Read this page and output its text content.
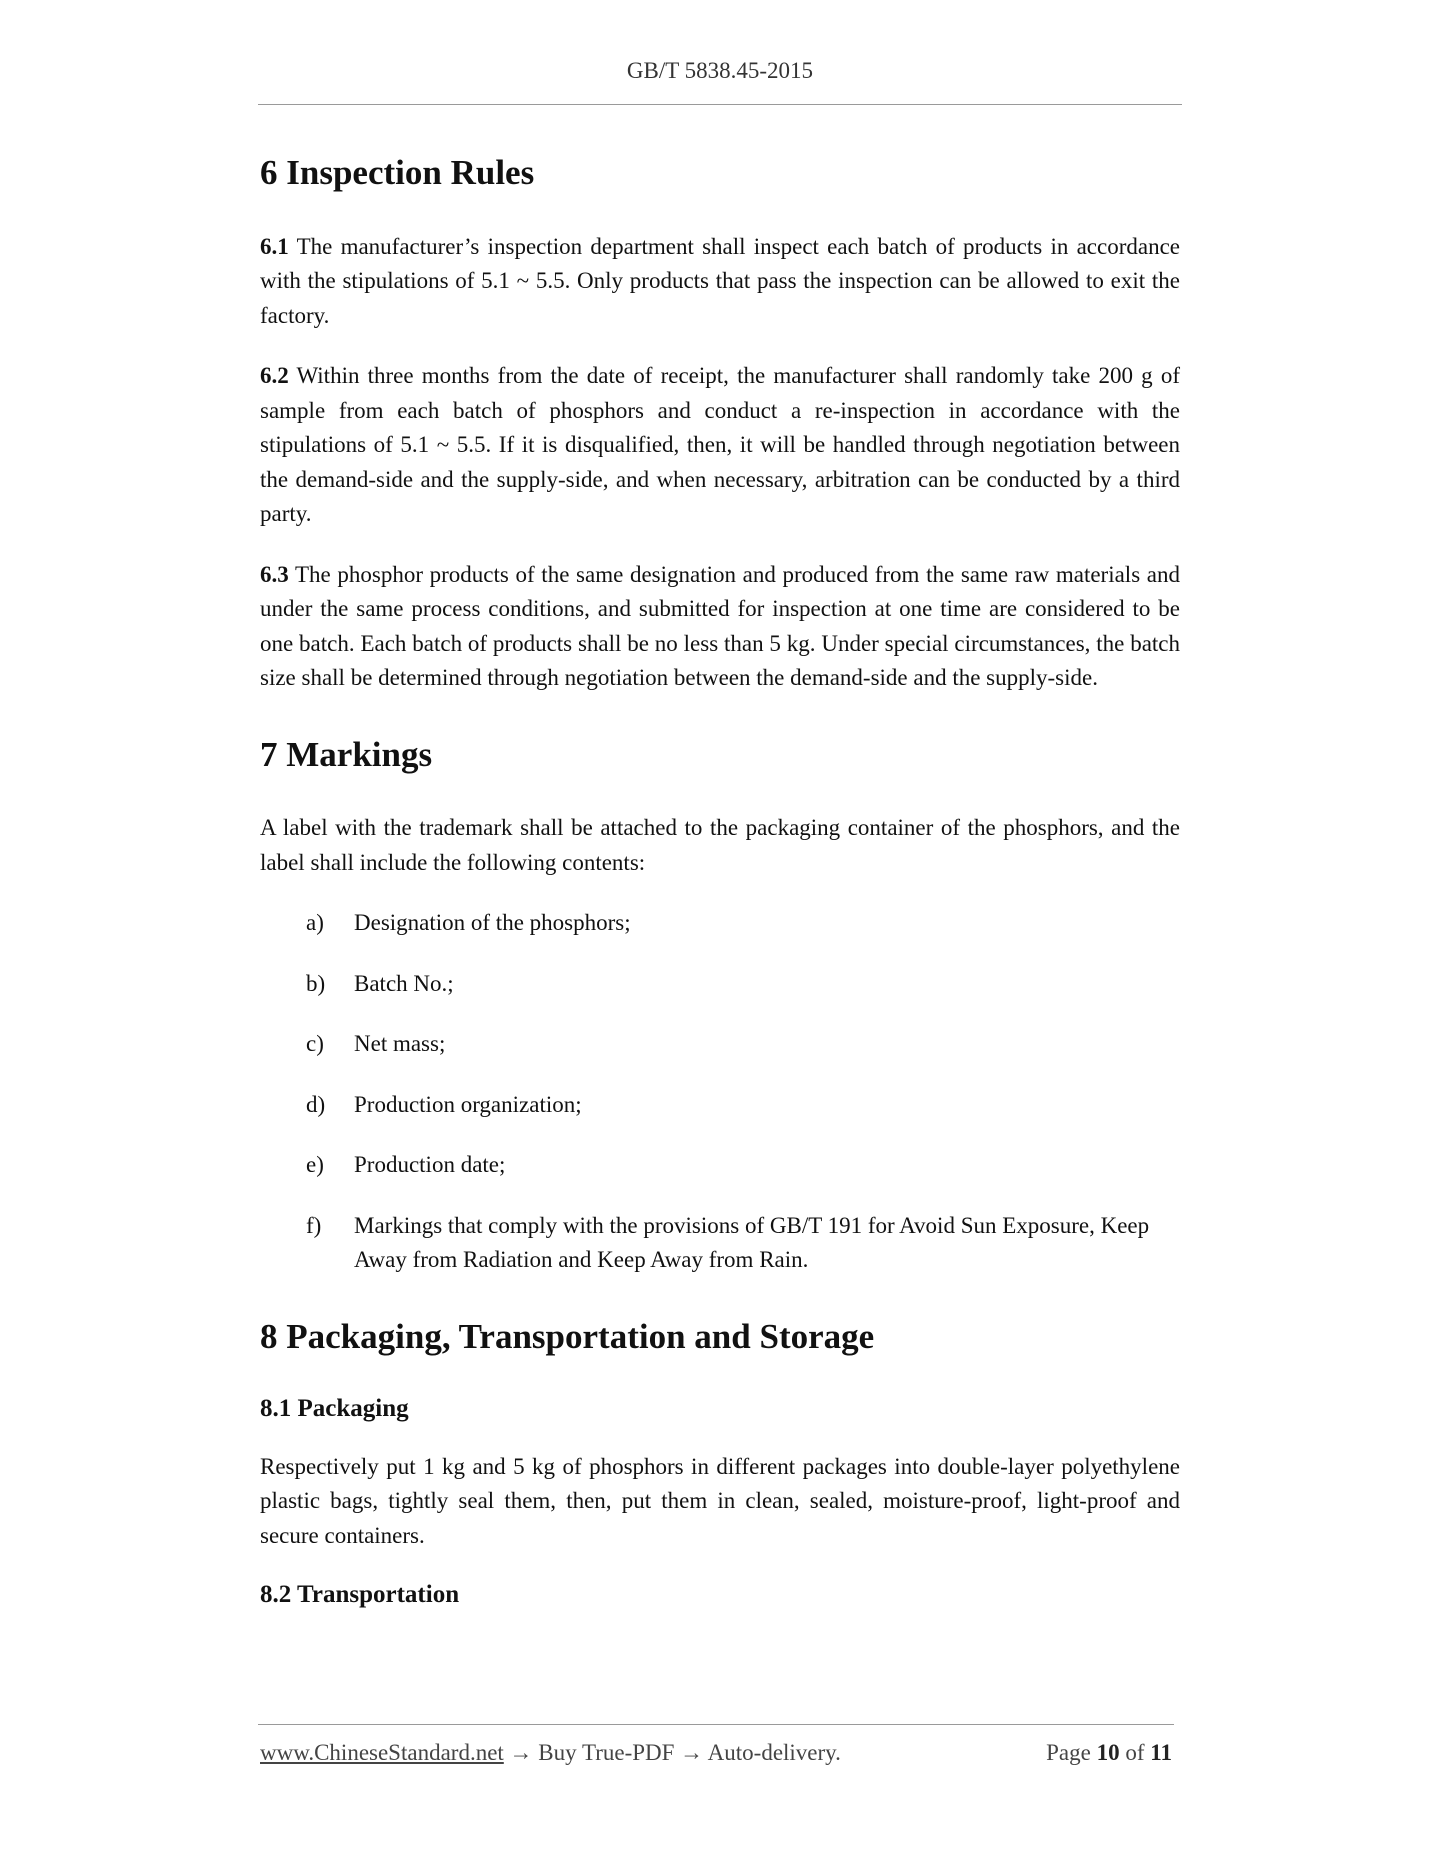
GB/T 5838.45-2015
6 Inspection Rules

6.1 The manufacturer’s inspection department shall inspect each batch of products in accordance with the stipulations of 5.1 ~ 5.5. Only products that pass the inspection can be allowed to exit the factory.

6.2 Within three months from the date of receipt, the manufacturer shall randomly take 200 g of sample from each batch of phosphors and conduct a re-inspection in accordance with the stipulations of 5.1 ~ 5.5. If it is disqualified, then, it will be handled through negotiation between the demand-side and the supply-side, and when necessary, arbitration can be conducted by a third party.

6.3 The phosphor products of the same designation and produced from the same raw materials and under the same process conditions, and submitted for inspection at one time are considered to be one batch. Each batch of products shall be no less than 5 kg. Under special circumstances, the batch size shall be determined through negotiation between the demand-side and the supply-side.

7 Markings

A label with the trademark shall be attached to the packaging container of the phosphors, and the label shall include the following contents:

a)	Designation of the phosphors;
b)	Batch No.;
c)	Net mass;
d)	Production organization;
e)	Production date;
f)	Markings that comply with the provisions of GB/T 191 for Avoid Sun Exposure, Keep Away from Radiation and Keep Away from Rain.
8 Packaging, Transportation and Storage
8.1 Packaging

Respectively put 1 kg and 5 kg of phosphors in different packages into double-layer polyethylene plastic bags, tightly seal them, then, put them in clean, sealed, moisture-proof, light-proof and secure containers.

8.2 Transportation
www.ChineseStandard.net → Buy True-PDF → Auto-delivery.	Page 10 of 11
